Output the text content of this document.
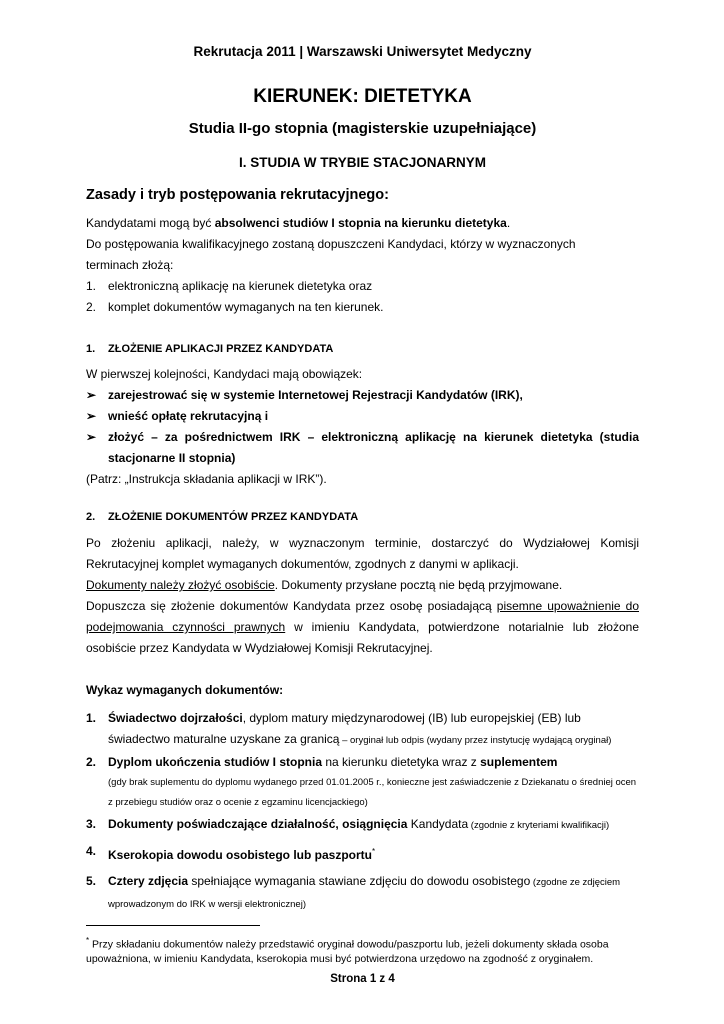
Rekrutacja 2011 | Warszawski Uniwersytet Medyczny
KIERUNEK: DIETETYKA
Studia II-go stopnia (magisterskie uzupełniające)
I. STUDIA W TRYBIE STACJONARNYM
Zasady i tryb postępowania rekrutacyjnego:
Kandydatami mogą być absolwenci studiów I stopnia na kierunku dietetyka.
Do postępowania kwalifikacyjnego zostaną dopuszczeni Kandydaci, którzy w wyznaczonych
terminach złożą:
1. elektroniczną aplikację na kierunek dietetyka oraz
2. komplet dokumentów wymaganych na ten kierunek.
1. ZŁOŻENIE APLIKACJI PRZEZ KANDYDATA
W pierwszej kolejności, Kandydaci mają obowiązek:
➢ zarejestrować się w systemie Internetowej Rejestracji Kandydatów (IRK),
➢ wnieść opłatę rekrutacyjną i
➢ złożyć – za pośrednictwem IRK – elektroniczną aplikację na kierunek dietetyka (studia stacjonarne II stopnia)
(Patrz: „Instrukcja składania aplikacji w IRK”).
2. ZŁOŻENIE DOKUMENTÓW PRZEZ KANDYDATA
Po złożeniu aplikacji, należy, w wyznaczonym terminie, dostarczyć do Wydziałowej Komisji Rekrutacyjnej komplet wymaganych dokumentów, zgodnych z danymi w aplikacji.
Dokumenty należy złożyć osobiście. Dokumenty przysłane pocztą nie będą przyjmowane.
Dopuszcza się złożenie dokumentów Kandydata przez osobę posiadającą pisemne upoważnienie do podejmowania czynności prawnych w imieniu Kandydata, potwierdzone notarialnie lub złożone osobiście przez Kandydata w Wydziałowej Komisji Rekrutacyjnej.
Wykaz wymaganych dokumentów:
1. Świadectwo dojrzałości, dyplom matury międzynarodowej (IB) lub europejskiej (EB) lub świadectwo maturalne uzyskane za granicą – oryginał lub odpis (wydany przez instytucję wydającą oryginał)
2. Dyplom ukończenia studiów I stopnia na kierunku dietetyka wraz z suplementem
(gdy brak suplementu do dyplomu wydanego przed 01.01.2005 r., konieczne jest zaświadczenie z Dziekanatu o średniej ocen z przebiegu studiów oraz o ocenie z egzaminu licencjackiego)
3. Dokumenty poświadczające działalność, osiągnięcia Kandydata (zgodnie z kryteriami kwalifikacji)
4. Kserokopia dowodu osobistego lub paszportu*
5. Cztery zdjęcia spełniające wymagania stawiane zdjęciu do dowodu osobistego (zgodne ze zdjęciem wprowadzonym do IRK w wersji elektronicznej)
* Przy składaniu dokumentów należy przedstawić oryginał dowodu/paszportu lub, jeżeli dokumenty składa osoba upoważniona, w imieniu Kandydata, kserokopia musi być potwierdzona urzędowo na zgodność z oryginałem.
Strona 1 z 4
